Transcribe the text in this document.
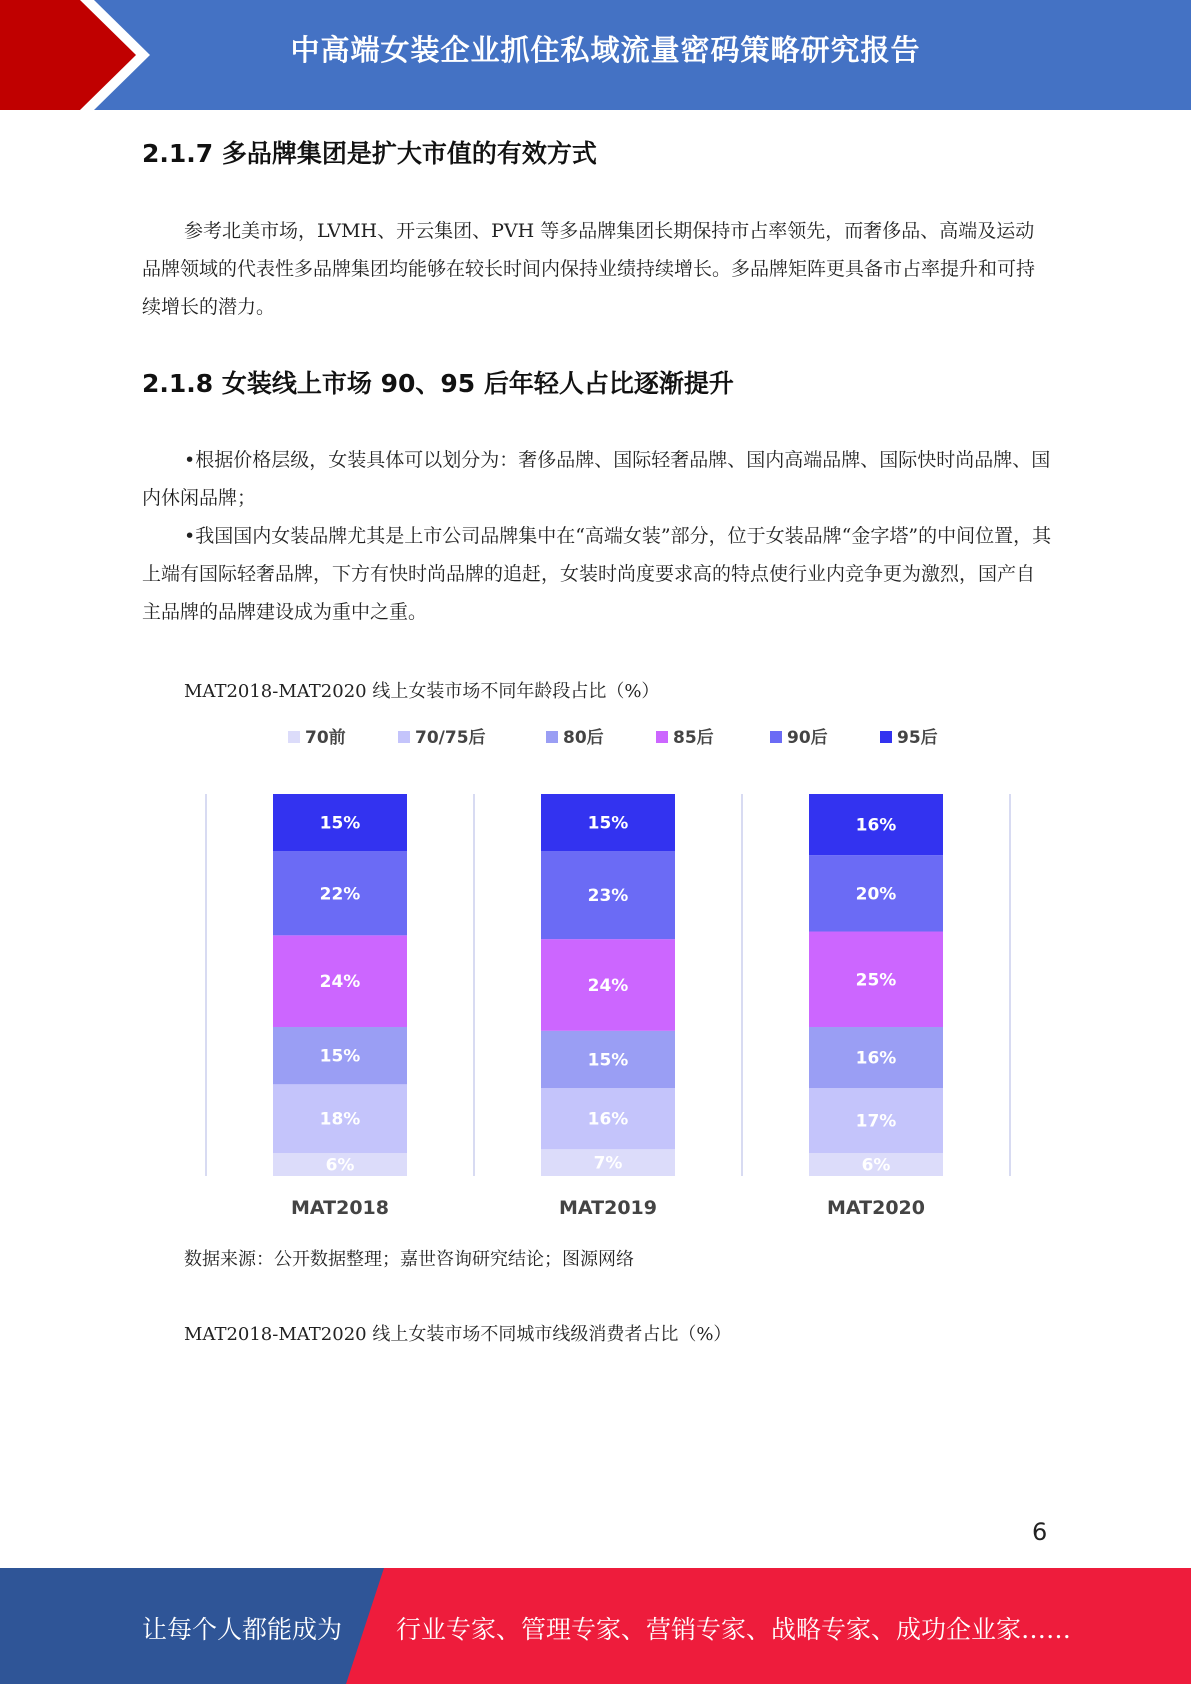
中高端女装企业抓住私域流量密码策略研究报告
2.1.7 多品牌集团是扩大市值的有效方式

参考北美市场，LVMH、开云集团、PVH 等多品牌集团长期保持市占率领先，而奢侈品、高端及运动品牌领域的代表性多品牌集团均能够在较长时间内保持业绩持续增长。多品牌矩阵更具备市占率提升和可持续增长的潜力。

2.1.8 女装线上市场 90、95 后年轻人占比逐渐提升

•根据价格层级，女装具体可以划分为：奢侈品牌、国际轻奢品牌、国内高端品牌、国际快时尚品牌、国内休闲品牌；

•我国国内女装品牌尤其是上市公司品牌集中在“高端女装”部分，位于女装品牌“金字塔”的中间位置，其上端有国际轻奢品牌，下方有快时尚品牌的追赶，女装时尚度要求高的特点使行业内竞争更为激烈，国产自主品牌的品牌建设成为重中之重。

MAT2018-MAT2020 线上女装市场不同年龄段占比（%）

70前	70/75后	80后	85后	90后	95后
6%
18%
15%
24%
22%
15%
MAT2018
7%
16%
15%
24%
23%
15%
MAT2019
6%
17%
16%
25%
20%
16%
MAT2020

数据来源：公开数据整理；嘉世咨询研究结论；图源网络

MAT2018-MAT2020 线上女装市场不同城市线级消费者占比（%）

6
让每个人都能成为 行业专家、管理专家、营销专家、战略专家、成功企业家……
